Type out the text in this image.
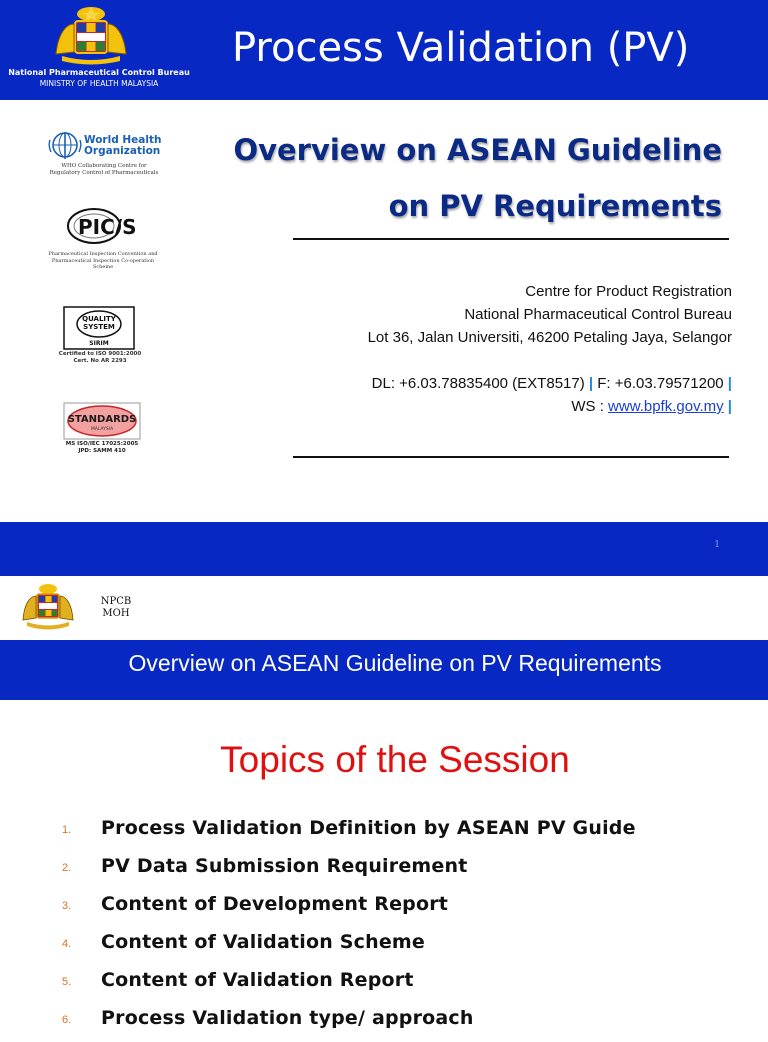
National Pharmaceutical Control Bureau
MINISTRY OF HEALTH MALAYSIA
Process Validation (PV)
World Health
Organization
WHO Collaborating Centre for Regulatory Control of Pharmaceuticals
PIC/S
Pharmaceutical Inspection Convention and Pharmaceutical Inspection Co-operation Scheme
QUALITY
SYSTEM
SIRIM
Certified to ISO 9001:2000
Cert. No AR 2293
STANDARDS
MALAYSIA
MS ISO/IEC 17025:2005
JPD: SAMM 410
Overview on ASEAN Guideline
on PV Requirements
Centre for Product Registration
National Pharmaceutical Control Bureau
Lot 36, Jalan Universiti, 46200 Petaling Jaya, Selangor
DL: +6.03.78835400 (EXT8517) | F: +6.03.79571200 |
WS : www.bpfk.gov.my |
1
NPCB
MOH
Overview on ASEAN Guideline on PV Requirements
Topics of the Session
1.	Process Validation Definition by ASEAN PV Guide
2.	PV Data Submission Requirement
3.	Content of Development Report
4.	Content of Validation Scheme
5.	Content of Validation Report
6.	Process Validation type/ approach
